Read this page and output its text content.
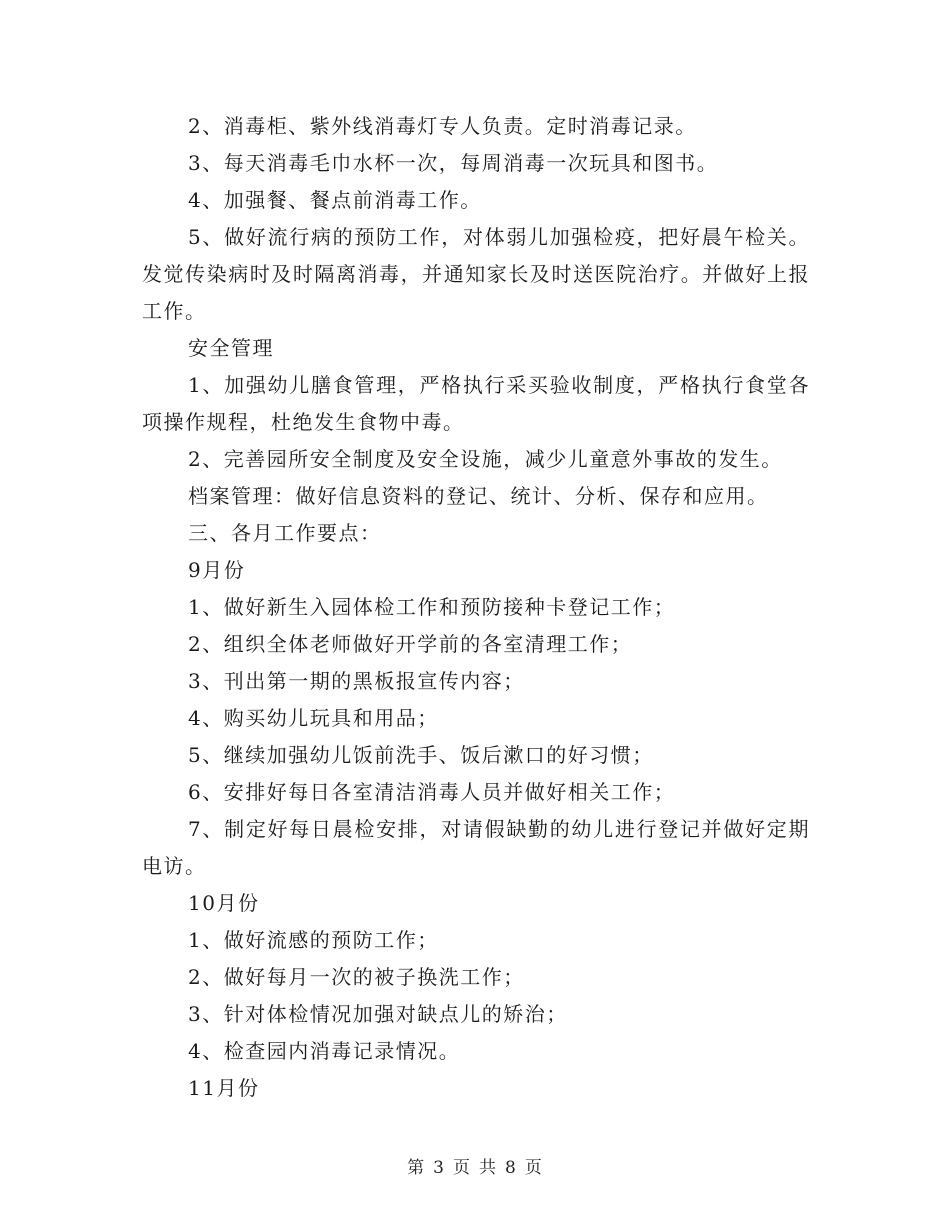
2、消毒柜、紫外线消毒灯专人负责。定时消毒记录。

3、每天消毒毛巾水杯一次，每周消毒一次玩具和图书。

4、加强餐、餐点前消毒工作。

5、做好流行病的预防工作，对体弱儿加强检疫，把好晨午检关。发觉传染病时及时隔离消毒，并通知家长及时送医院治疗。并做好上报工作。

安全管理

1、加强幼儿膳食管理，严格执行采买验收制度，严格执行食堂各项操作规程，杜绝发生食物中毒。

2、完善园所安全制度及安全设施，减少儿童意外事故的发生。

档案管理：做好信息资料的登记、统计、分析、保存和应用。

三、各月工作要点：

9月份

1、做好新生入园体检工作和预防接种卡登记工作；

2、组织全体老师做好开学前的各室清理工作；

3、刊出第一期的黑板报宣传内容；

4、购买幼儿玩具和用品；

5、继续加强幼儿饭前洗手、饭后漱口的好习惯；

6、安排好每日各室清洁消毒人员并做好相关工作；

7、制定好每日晨检安排，对请假缺勤的幼儿进行登记并做好定期电访。

10月份

1、做好流感的预防工作；

2、做好每月一次的被子换洗工作；

3、针对体检情况加强对缺点儿的矫治；

4、检查园内消毒记录情况。

11月份

第 3 页 共 8 页
